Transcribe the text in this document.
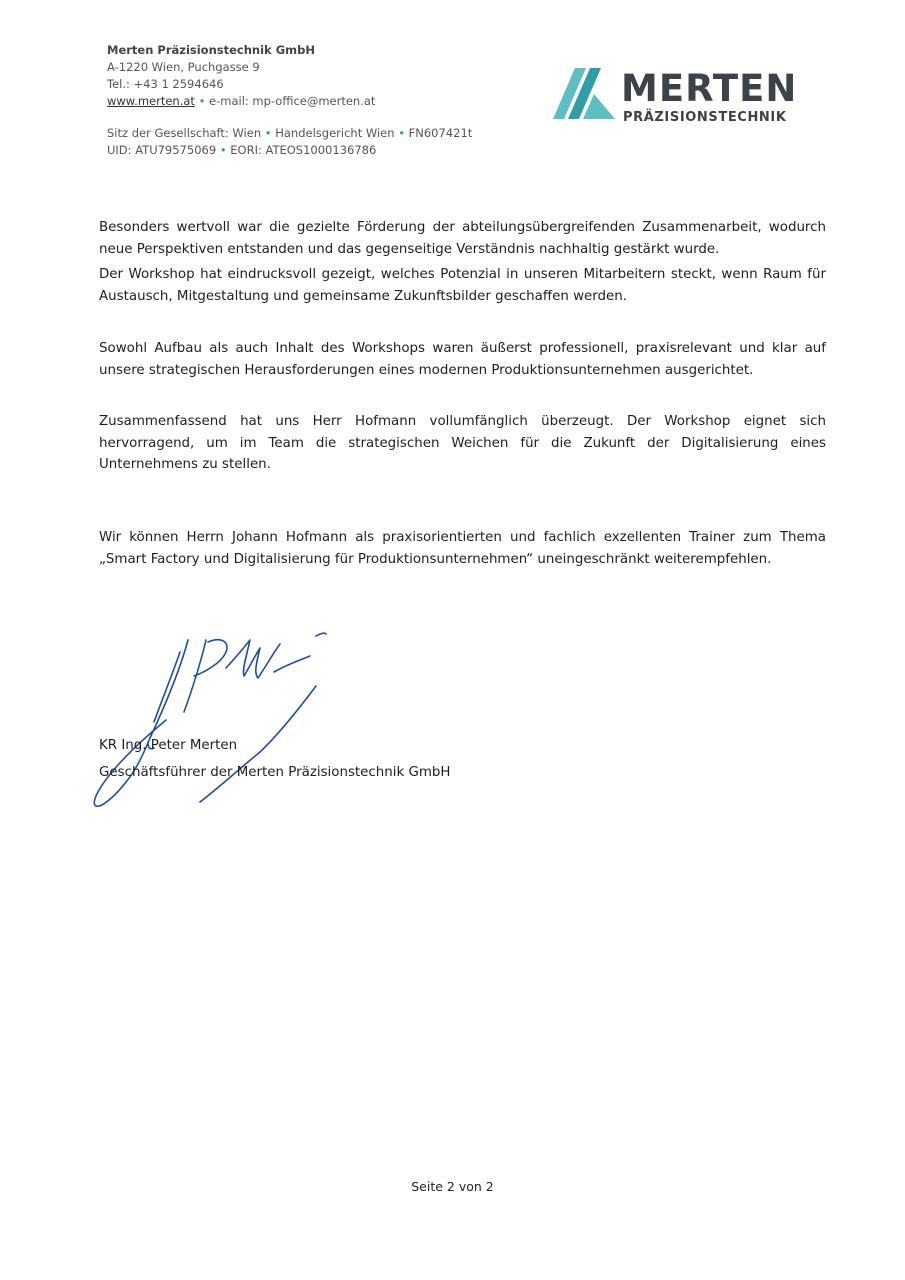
Merten Präzisionstechnik GmbH
A-1220 Wien, Puchgasse 9
Tel.: +43 1 2594646
www.merten.at • e-mail: mp-office@merten.at
Sitz der Gesellschaft: Wien • Handelsgericht Wien • FN607421t
UID: ATU79575069 • EORI: ATEOS1000136786
MERTEN
PRÄZISIONSTECHNIK
Besonders wertvoll war die gezielte Förderung der abteilungsübergreifenden Zusammenarbeit, wodurch neue Perspektiven entstanden und das gegenseitige Verständnis nachhaltig gestärkt wurde.
Der Workshop hat eindrucksvoll gezeigt, welches Potenzial in unseren Mitarbeitern steckt, wenn Raum für Austausch, Mitgestaltung und gemeinsame Zukunftsbilder geschaffen werden.
Sowohl Aufbau als auch Inhalt des Workshops waren äußerst professionell, praxisrelevant und klar auf unsere strategischen Herausforderungen eines modernen Produktionsunternehmen ausgerichtet.
Zusammenfassend hat uns Herr Hofmann vollumfänglich überzeugt. Der Workshop eignet sich hervorragend, um im Team die strategischen Weichen für die Zukunft der Digitalisierung eines Unternehmens zu stellen.
Wir können Herrn Johann Hofmann als praxisorientierten und fachlich exzellenten Trainer zum Thema „Smart Factory und Digitalisierung für Produktionsunternehmen“ uneingeschränkt weiterempfehlen.
KR Ing. Peter Merten
Geschäftsführer der Merten Präzisionstechnik GmbH
Seite 2 von 2
